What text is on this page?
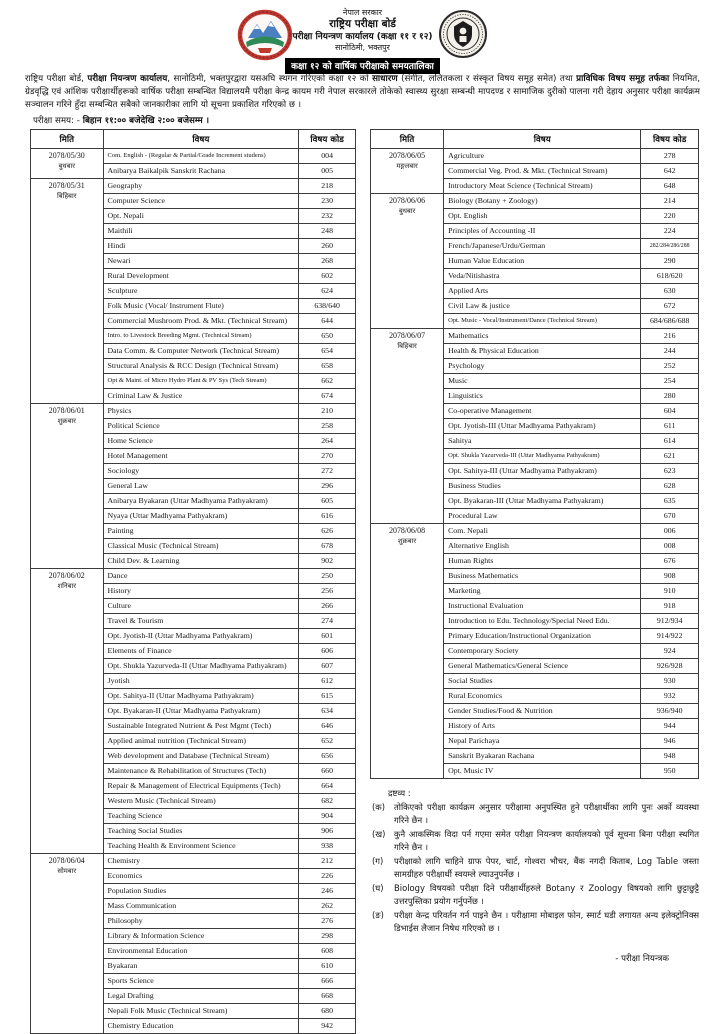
नेपाल सरकार
राष्ट्रिय परीक्षा बोर्ड
परीक्षा नियन्त्रण कार्यालय (कक्षा ११ र १२)
सानोठिमी, भक्तपुर
कक्षा १२ को वार्षिक परीक्षाको समयतालिका
राष्ट्रिय परीक्षा बोर्ड, परीक्षा नियन्त्रण कार्यालय, सानोठिमी, भक्तपुरद्वारा यसअघि स्थगन गरिएको कक्षा १२ को साधारण (संगीत, ललितकला र संस्कृत विषय समूह समेत) तथा प्राविधिक विषय समूह तर्फका नियमित, ग्रेडवृद्धि एवं आंशिक परीक्षार्थीहरूको वार्षिक परीक्षा सम्बन्धित विद्यालयमै परीक्षा केन्द्र कायम गरी नेपाल सरकारले तोकेको स्वास्थ्य सुरक्षा सम्बन्धी मापदण्ड र सामाजिक दुरीको पालना गरी देहाय अनुसार परीक्षा कार्यक्रम सञ्चालन गरिने हुँदा सम्बन्धित सबैको जानकारीका लागि यो सूचना प्रकाशित गरिएको छ ।
परीक्षा समय: - बिहान ११:०० बजेदेखि २:०० बजेसम्म ।
मिति	विषय	विषय कोड

2078/05/30
बुधबार	Com. English - (Regular & Partial/Grade Increment studens)	004
	Anibarya Baikalpik Sanskrit Rachana	005

2078/05/31
बिहिबार	Geography	218
	Computer Science	230
	Opt. Nepali	232
	Maithili	248
	Hindi	260
	Newari	268
	Rural Development	602
	Sculpture	624
	Folk Music (Vocal/ Instrument Flute)	638/640
	Commercial Mushroom Prod. & Mkt. (Technical Stream)	644
	Intro. to Livestock Breeding Mgmt. (Technical Stream)	650
	Data Comm. & Computer Network (Technical Stream)	654
	Structural Analysis & RCC Design (Technical Stream)	658
	Opt & Maint. of Micro Hydro Plant & PV Sys (Tech Stream)	662
	Criminal Law & Justice	674

2078/06/01
शुक्रबार	Physics	210
	Political Science	258
	Home Science	264
	Hotel Management	270
	Sociology	272
	General Law	296
	Anibarya Byakaran (Uttar Madhyama Pathyakram)	605
	Nyaya (Uttar Madhyama Pathyakram)	616
	Painting	626
	Classical Music (Technical Stream)	678
	Child Dev. & Learning	902

2078/06/02
शनिबार	Dance	250
	History	256
	Culture	266
	Travel & Tourism	274
	Opt. Jyotish-II (Uttar Madhyama Pathyakram)	601
	Elements of Finance	606
	Opt. Shukla Yazurveda-II (Uttar Madhyama Pathyakram)	607
	Jyotish	612
	Opt. Sahitya-II (Uttar Madhyama Pathyakram)	615
	Opt. Byakaran-II (Uttar Madhyama Pathyakram)	634
	Sustainable Integrated Nutrient & Pest Mgmt (Tech)	646
	Applied animal nutrition (Technical Stream)	652
	Web development and Database (Technical Stream)	656
	Maintenance & Rehabilitation of Structures (Tech)	660
	Repair & Management of Electrical Equipments (Tech)	664
	Western Music (Technical Stream)	682
	Teaching Science	904
	Teaching Social Studies	906
	Teaching Health & Environment Science	938

2078/06/04
सोमबार	Chemistry	212
	Economics	226
	Population Studies	246
	Mass Communication	262
	Philosophy	276
	Library & Information Science	298
	Environmental Education	608
	Byakaran	610
	Sports Science	666
	Legal Drafting	668
	Nepali Folk Music (Technical Stream)	680
	Chemistry Education	942
मिति	विषय	विषय कोड

2078/06/05
मङ्गलबार	Agriculture	278
	Commercial Veg. Prod. & Mkt. (Technical Stream)	642
	Introductory Meat Science (Technical Stream)	648

2078/06/06
बुधबार	Biology (Botany + Zoology)	214
	Opt. English	220
	Principles of Accounting -II	224
	French/Japanese/Urdu/German	282/284/286/288
	Human Value Education	290
	Veda/Nitishastra	618/620
	Applied Arts	630
	Civil Law & justice	672
	Opt. Music - Vocal/Instrument/Dance (Technical Stream)	684/686/688

2078/06/07
बिहिबार	Mathematics	216
	Health & Physical Education	244
	Psychology	252
	Music	254
	Linguistics	280
	Co-operative Management	604
	Opt. Jyotish-III (Uttar Madhyama Pathyakram)	611
	Sahitya	614
	Opt. Shukla Yazurveda-III (Uttar Madhyama Pathyakram)	621
	Opt. Sahitya-III (Uttar Madhyama Pathyakram)	623
	Business Studies	628
	Opt. Byakaran-III (Uttar Madhyama Pathyakram)	635
	Procedural Law	670

2078/06/08
शुक्रबार	Com. Nepali	006
	Alternative English	008
	Human Rights	676
	Business Mathematics	908
	Marketing	910
	Instructional Evaluation	918
	Introduction to Edu. Technology/Special Need Edu.	912/934
	Primary Education/Instructional Organization	914/922
	Contemporary Society	924
	General Mathematics/General Science	926/928
	Social Studies	930
	Rural Economics	932
	Gender Studies/Food & Nutrition	936/940
	History of Arts	944
	Nepal Parichaya	946
	Sanskrit Byakaran Rachana	948
	Opt. Music IV	950
द्रष्टव्य :
(क)	तोकिएको परीक्षा कार्यक्रम अनुसार परीक्षामा अनुपस्थित हुने परीक्षार्थीका लागि पुनः अर्को व्यवस्था गरिने छैन ।
(ख)	कुनै आकस्मिक विदा पर्न गएमा समेत परीक्षा नियन्त्रण कार्यालयको पूर्व सूचना बिना परीक्षा स्थगित गरिने छैन ।
(ग)	परीक्षाको लागि चाहिने ग्राफ पेपर, चार्ट, गोश्वरा भौचर, बैंक नगदी किताब, Log Table जस्ता सामग्रीहरु परीक्षार्थी स्वयम्ले ल्याउनुपर्नेछ ।
(घ)	Biology विषयको परीक्षा दिने परीक्षार्थीहरुले Botany र Zoology विषयको लागि छुट्टाछुट्टै उत्तरपुस्तिका प्रयोग गर्नुपर्नेछ ।
(ङ)	परीक्षा केन्द्र परिवर्तन गर्न पाइने छैन । परीक्षामा मोबाइल फोन, स्मार्ट घडी लगायत अन्य इलेक्ट्रोनिक्स डिभाईस लैजान निषेध गरिएको छ ।
- परीक्षा नियन्त्रक
